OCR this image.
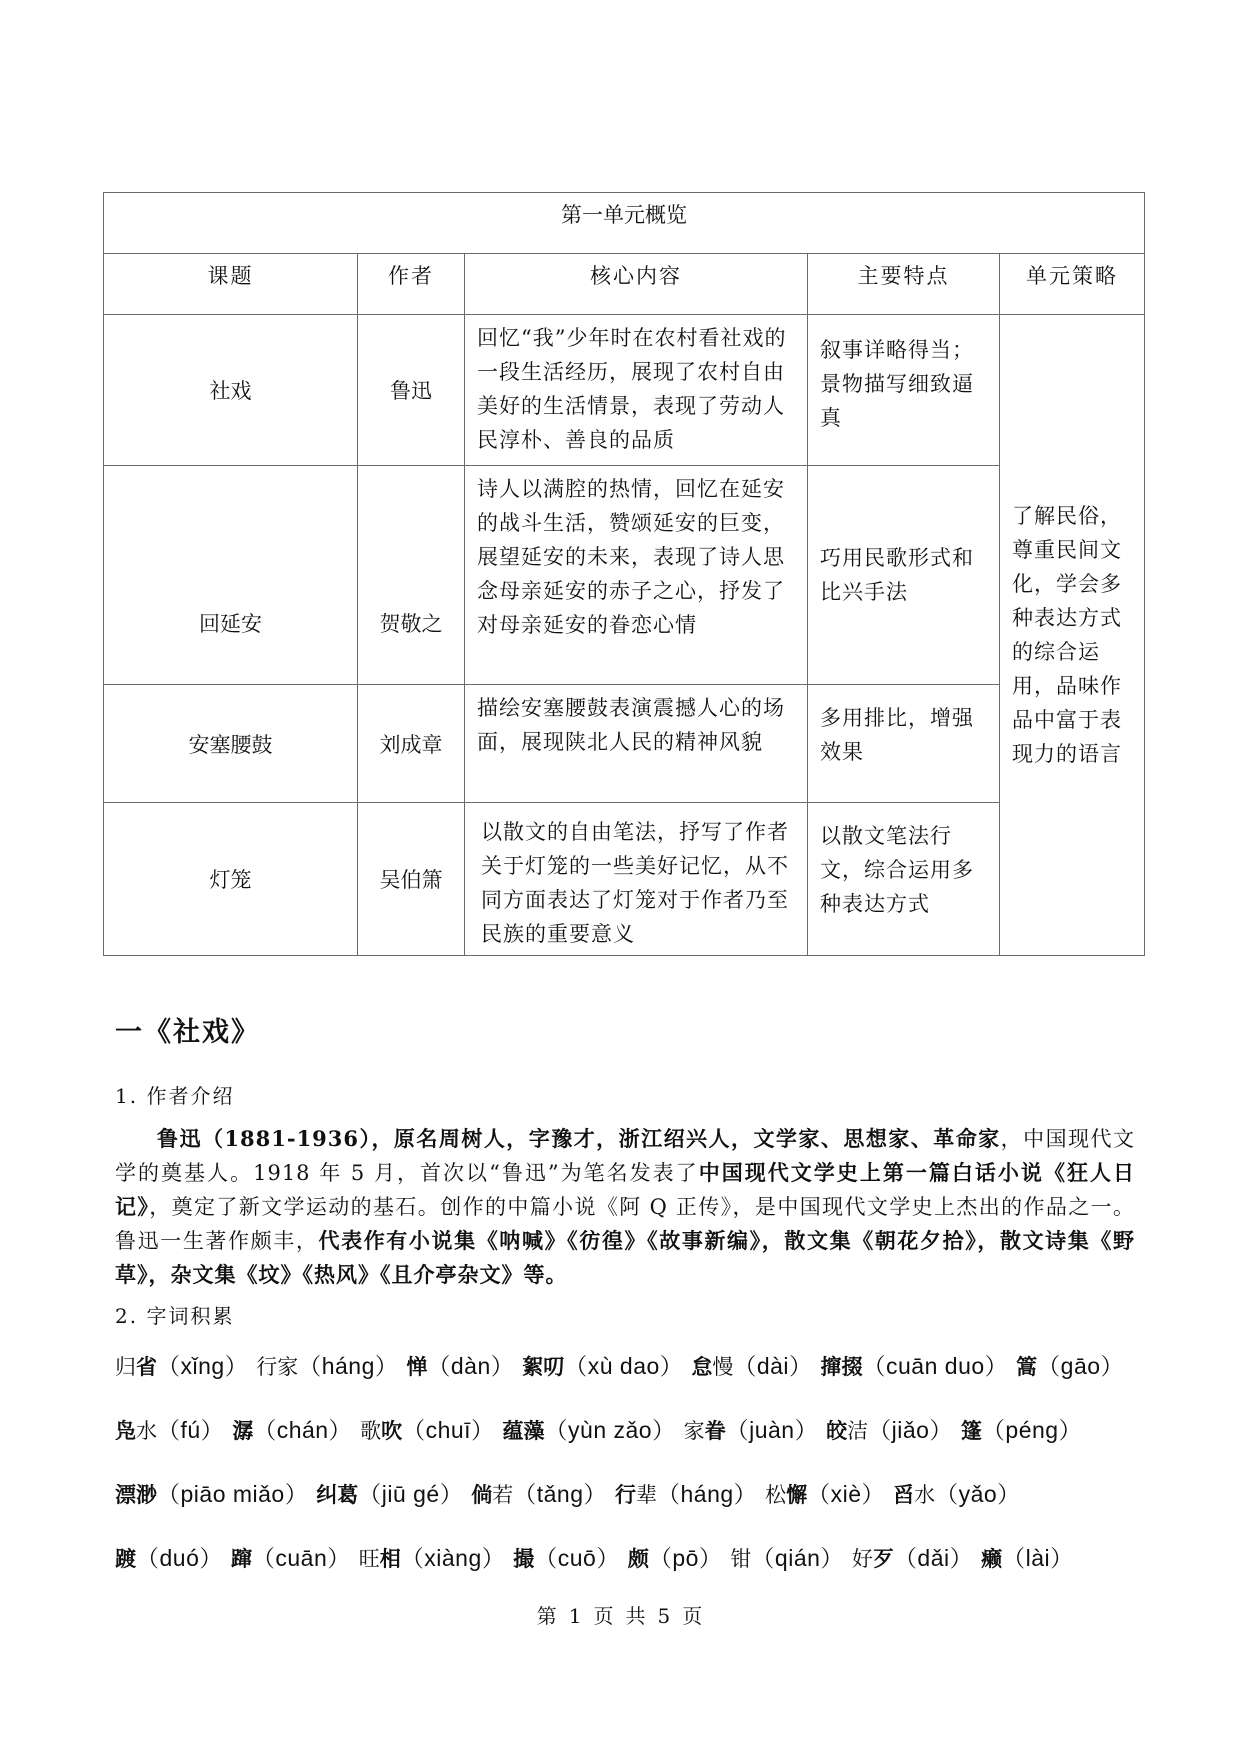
第一单元概览				
课题	作者	核心内容	主要特点	单元策略
社戏	鲁迅	回忆“我”少年时在农村看社戏的一段生活经历，展现了农村自由美好的生活情景，表现了劳动人民淳朴、善良的品质	叙事详略得当；景物描写细致逼真	了解民俗，尊重民间文化，学会多种表达方式的综合运用，品味作品中富于表现力的语言
回延安	贺敬之	诗人以满腔的热情，回忆在延安的战斗生活，赞颂延安的巨变，展望延安的未来，表现了诗人思念母亲延安的赤子之心，抒发了对母亲延安的眷恋心情	巧用民歌形式和比兴手法	
安塞腰鼓	刘成章	描绘安塞腰鼓表演震撼人心的场面，展现陕北人民的精神风貌	多用排比，增强效果	
灯笼	吴伯箫	以散文的自由笔法，抒写了作者关于灯笼的一些美好记忆，从不同方面表达了灯笼对于作者乃至民族的重要意义	以散文笔法行文，综合运用多种表达方式	
一《社戏》
1. 作者介绍
鲁迅（1881-1936），原名周树人，字豫才，浙江绍兴人，文学家、思想家、革命家，中国现代文学的奠基人。1918 年 5 月，首次以“鲁迅”为笔名发表了中国现代文学史上第一篇白话小说《狂人日记》，奠定了新文学运动的基石。创作的中篇小说《阿 Q 正传》，是中国现代文学史上杰出的作品之一。鲁迅一生著作颇丰，代表作有小说集《呐喊》《彷徨》《故事新编》，散文集《朝花夕拾》，散文诗集《野草》，杂文集《坟》《热风》《且介亭杂文》等。
2. 字词积累
归省（xǐng） 行家（háng） 惮（dàn） 絮叨（xù dao） 怠慢（dài） 撺掇（cuān duo） 篙（gāo）
凫水（fú） 潺（chán） 歌吹（chuī） 蕴藻（yùn zǎo） 家眷（juàn） 皎洁（jiǎo） 篷（péng）
漂渺（piāo miǎo） 纠葛（jiū gé） 倘若（tǎng） 行辈（háng） 松懈（xiè） 舀水（yǎo）
踱（duó） 蹿（cuān） 旺相（xiàng） 撮（cuō） 颇（pō） 钳（qián） 好歹（dǎi） 癞（lài）
第 1 页 共 5 页
